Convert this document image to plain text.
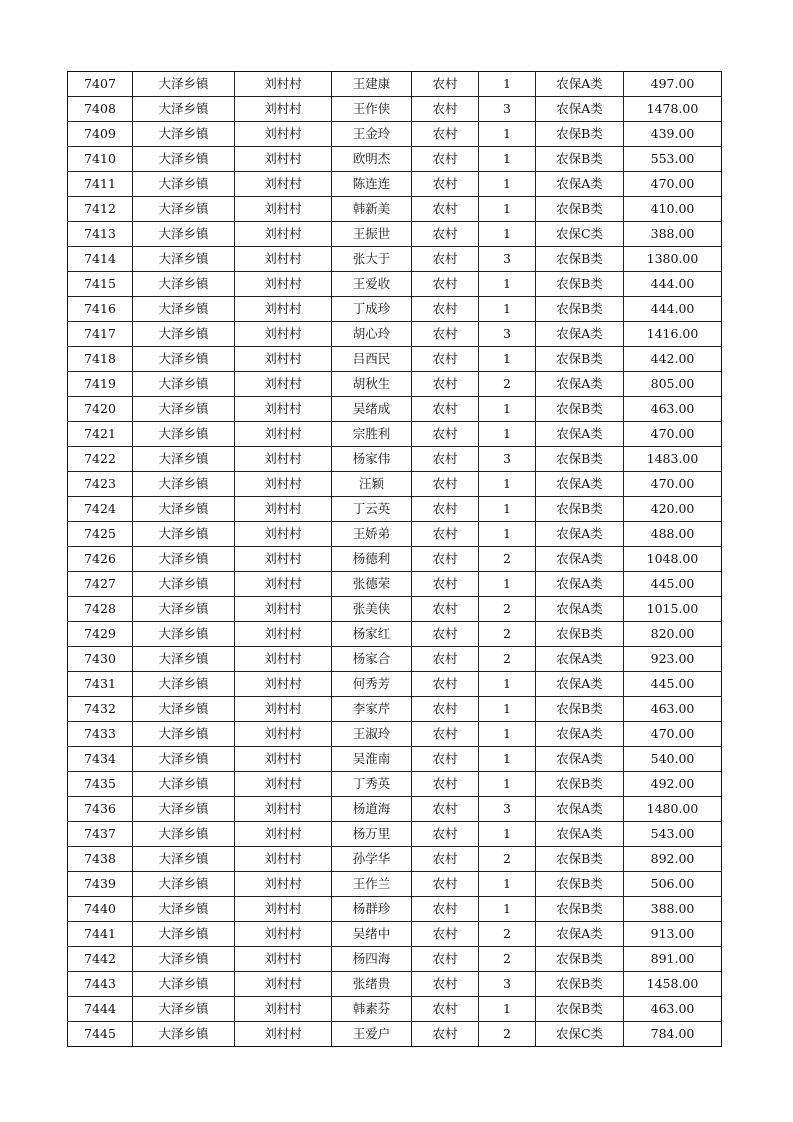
7407	大泽乡镇	刘村村	王建康	农村	1	农保A类	497.00
7408	大泽乡镇	刘村村	王作侠	农村	3	农保A类	1478.00
7409	大泽乡镇	刘村村	王金玲	农村	1	农保B类	439.00
7410	大泽乡镇	刘村村	欧明杰	农村	1	农保B类	553.00
7411	大泽乡镇	刘村村	陈连连	农村	1	农保A类	470.00
7412	大泽乡镇	刘村村	韩新美	农村	1	农保B类	410.00
7413	大泽乡镇	刘村村	王振世	农村	1	农保C类	388.00
7414	大泽乡镇	刘村村	张大于	农村	3	农保B类	1380.00
7415	大泽乡镇	刘村村	王爱收	农村	1	农保B类	444.00
7416	大泽乡镇	刘村村	丁成珍	农村	1	农保B类	444.00
7417	大泽乡镇	刘村村	胡心玲	农村	3	农保A类	1416.00
7418	大泽乡镇	刘村村	吕西民	农村	1	农保B类	442.00
7419	大泽乡镇	刘村村	胡秋生	农村	2	农保A类	805.00
7420	大泽乡镇	刘村村	吴绪成	农村	1	农保B类	463.00
7421	大泽乡镇	刘村村	宗胜利	农村	1	农保A类	470.00
7422	大泽乡镇	刘村村	杨家伟	农村	3	农保B类	1483.00
7423	大泽乡镇	刘村村	汪颖	农村	1	农保A类	470.00
7424	大泽乡镇	刘村村	丁云英	农村	1	农保B类	420.00
7425	大泽乡镇	刘村村	王娇弟	农村	1	农保A类	488.00
7426	大泽乡镇	刘村村	杨德利	农村	2	农保A类	1048.00
7427	大泽乡镇	刘村村	张德荣	农村	1	农保A类	445.00
7428	大泽乡镇	刘村村	张美侠	农村	2	农保A类	1015.00
7429	大泽乡镇	刘村村	杨家红	农村	2	农保B类	820.00
7430	大泽乡镇	刘村村	杨家合	农村	2	农保A类	923.00
7431	大泽乡镇	刘村村	何秀芳	农村	1	农保A类	445.00
7432	大泽乡镇	刘村村	李家芹	农村	1	农保B类	463.00
7433	大泽乡镇	刘村村	王淑玲	农村	1	农保A类	470.00
7434	大泽乡镇	刘村村	吴淮南	农村	1	农保A类	540.00
7435	大泽乡镇	刘村村	丁秀英	农村	1	农保B类	492.00
7436	大泽乡镇	刘村村	杨道海	农村	3	农保A类	1480.00
7437	大泽乡镇	刘村村	杨万里	农村	1	农保A类	543.00
7438	大泽乡镇	刘村村	孙学华	农村	2	农保B类	892.00
7439	大泽乡镇	刘村村	王作兰	农村	1	农保B类	506.00
7440	大泽乡镇	刘村村	杨群珍	农村	1	农保B类	388.00
7441	大泽乡镇	刘村村	吴绪中	农村	2	农保A类	913.00
7442	大泽乡镇	刘村村	杨四海	农村	2	农保B类	891.00
7443	大泽乡镇	刘村村	张绪贵	农村	3	农保B类	1458.00
7444	大泽乡镇	刘村村	韩素芬	农村	1	农保B类	463.00
7445	大泽乡镇	刘村村	王爱户	农村	2	农保C类	784.00
